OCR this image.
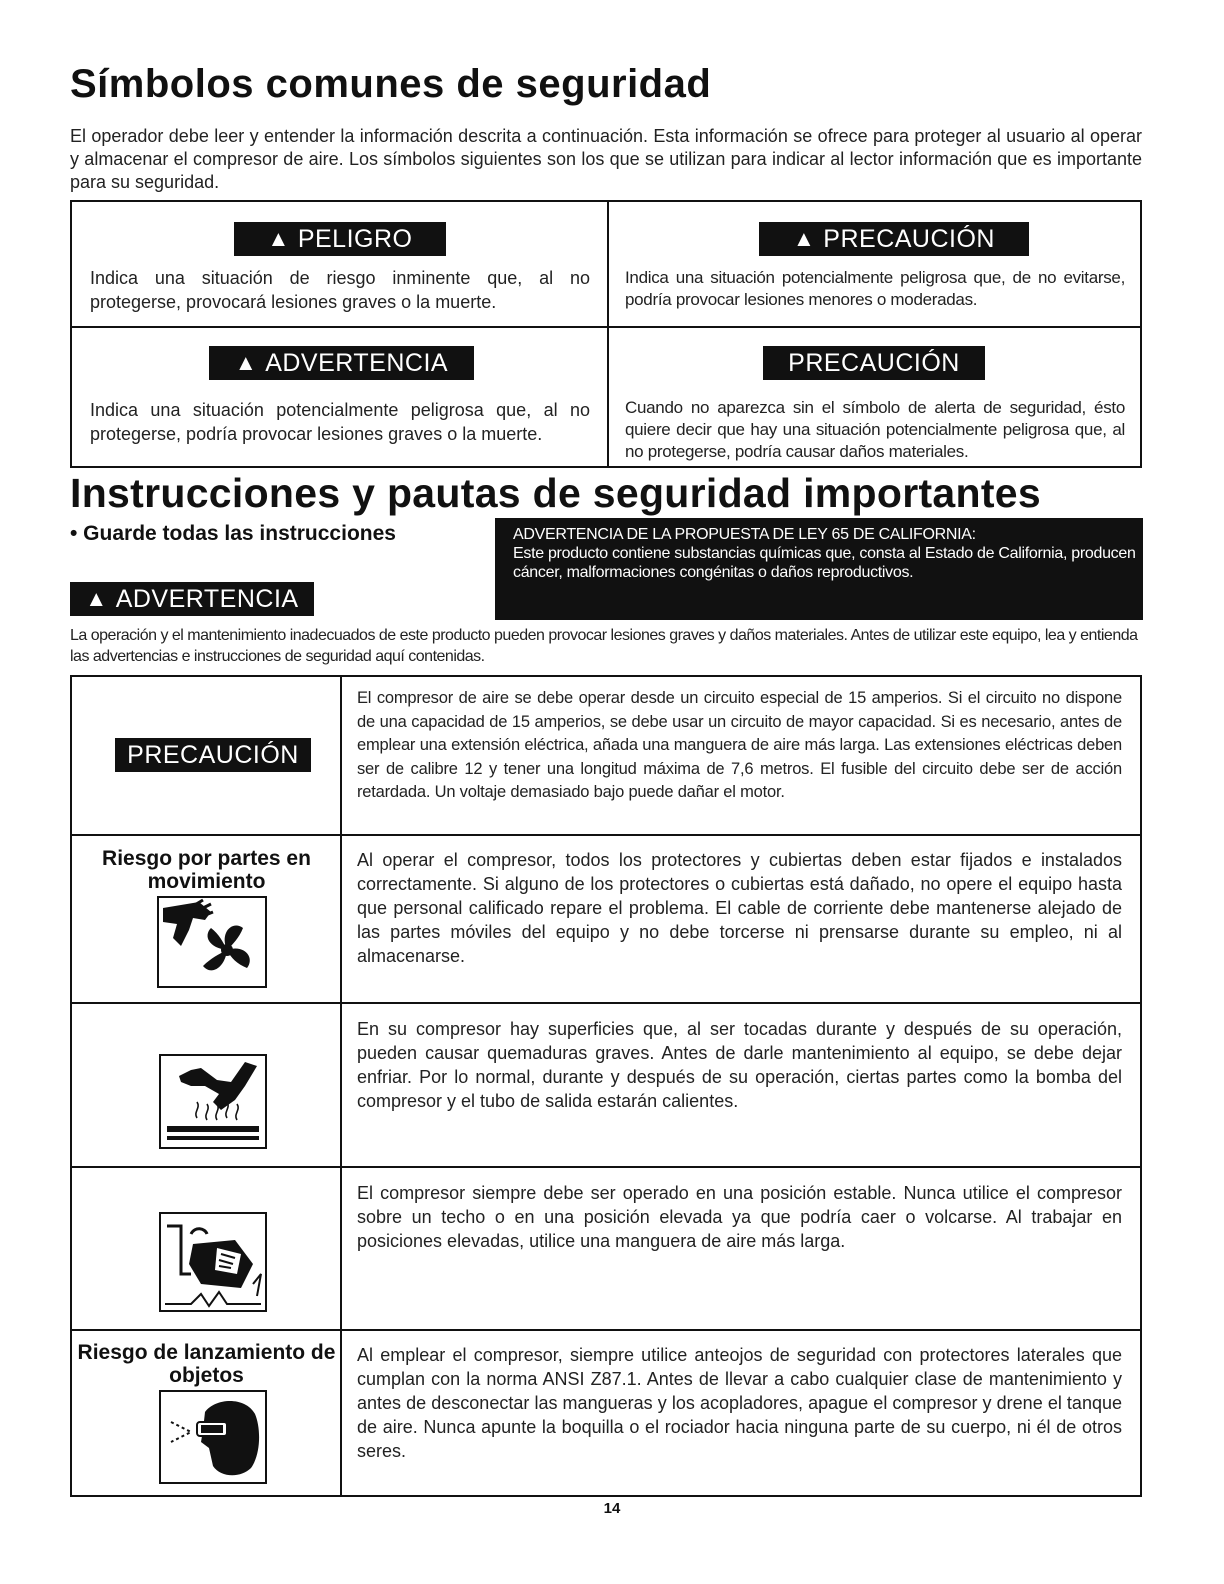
Símbolos comunes de seguridad
El operador debe leer y entender la información descrita a continuación. Esta información se ofrece para proteger al usuario al operar y almacenar el compresor de aire. Los símbolos siguientes son los que se utilizan para indicar al lector información que es importante para su seguridad.
▲ PELIGRO
Indica una situación de riesgo inminente que, al no protegerse, provocará lesiones graves o la muerte.
▲ PRECAUCIÓN
Indica una situación potencialmente peligrosa que, de no evitarse, podría provocar lesiones menores o moderadas.
▲ ADVERTENCIA
Indica una situación potencialmente peligrosa que, al no protegerse, podría provocar lesiones graves o la muerte.
PRECAUCIÓN
Cuando no aparezca sin el símbolo de alerta de seguridad, ésto quiere decir que hay una situación potencialmente peligrosa que, al no protegerse, podría causar daños materiales.
Instrucciones y pautas de seguridad importantes
• Guarde todas las instrucciones
▲ ADVERTENCIA
ADVERTENCIA DE LA PROPUESTA DE LEY 65 DE CALIFORNIA:
Este producto contiene substancias químicas que, consta al Estado de California, producen
cáncer, malformaciones congénitas o daños reproductivos.
La operación y el mantenimiento inadecuados de este producto pueden provocar lesiones graves y daños materiales. Antes de utilizar este equipo, lea y entienda las advertencias e instrucciones de seguridad aquí contenidas.
PRECAUCIÓN
El compresor de aire se debe operar desde un circuito especial de 15 amperios. Si el circuito no dispone de una capacidad de 15 amperios, se debe usar un circuito de mayor capacidad. Si es necesario, antes de emplear una extensión eléctrica, añada una manguera de aire más larga. Las extensiones eléctricas deben ser de calibre 12 y tener una longitud máxima de 7,6 metros. El fusible del circuito debe ser de acción retardada. Un voltaje demasiado bajo puede dañar el motor.
Riesgo por partes en movimiento
Al operar el compresor, todos los protectores y cubiertas deben estar fijados e instalados correctamente. Si alguno de los protectores o cubiertas está dañado, no opere el equipo hasta que personal calificado repare el problema. El cable de corriente debe mantenerse alejado de las partes móviles del equipo y no debe torcerse ni prensarse durante su empleo, ni al almacenarse.
En su compresor hay superficies que, al ser tocadas durante y después de su operación, pueden causar quemaduras graves. Antes de darle mantenimiento al equipo, se debe dejar enfriar. Por lo normal, durante y después de su operación, ciertas partes como la bomba del compresor y el tubo de salida estarán calientes.
El compresor siempre debe ser operado en una posición estable. Nunca utilice el compresor sobre un techo o en una posición elevada ya que podría caer o volcarse. Al trabajar en posiciones elevadas, utilice una manguera de aire más larga.
Riesgo de lanzamiento de objetos
Al emplear el compresor, siempre utilice anteojos de seguridad con protectores laterales que cumplan con la norma ANSI Z87.1. Antes de llevar a cabo cualquier clase de mantenimiento y antes de desconectar las mangueras y los acopladores, apague el compresor y drene el tanque de aire. Nunca apunte la boquilla o el rociador hacia ninguna parte de su cuerpo, ni él de otros seres.
14
